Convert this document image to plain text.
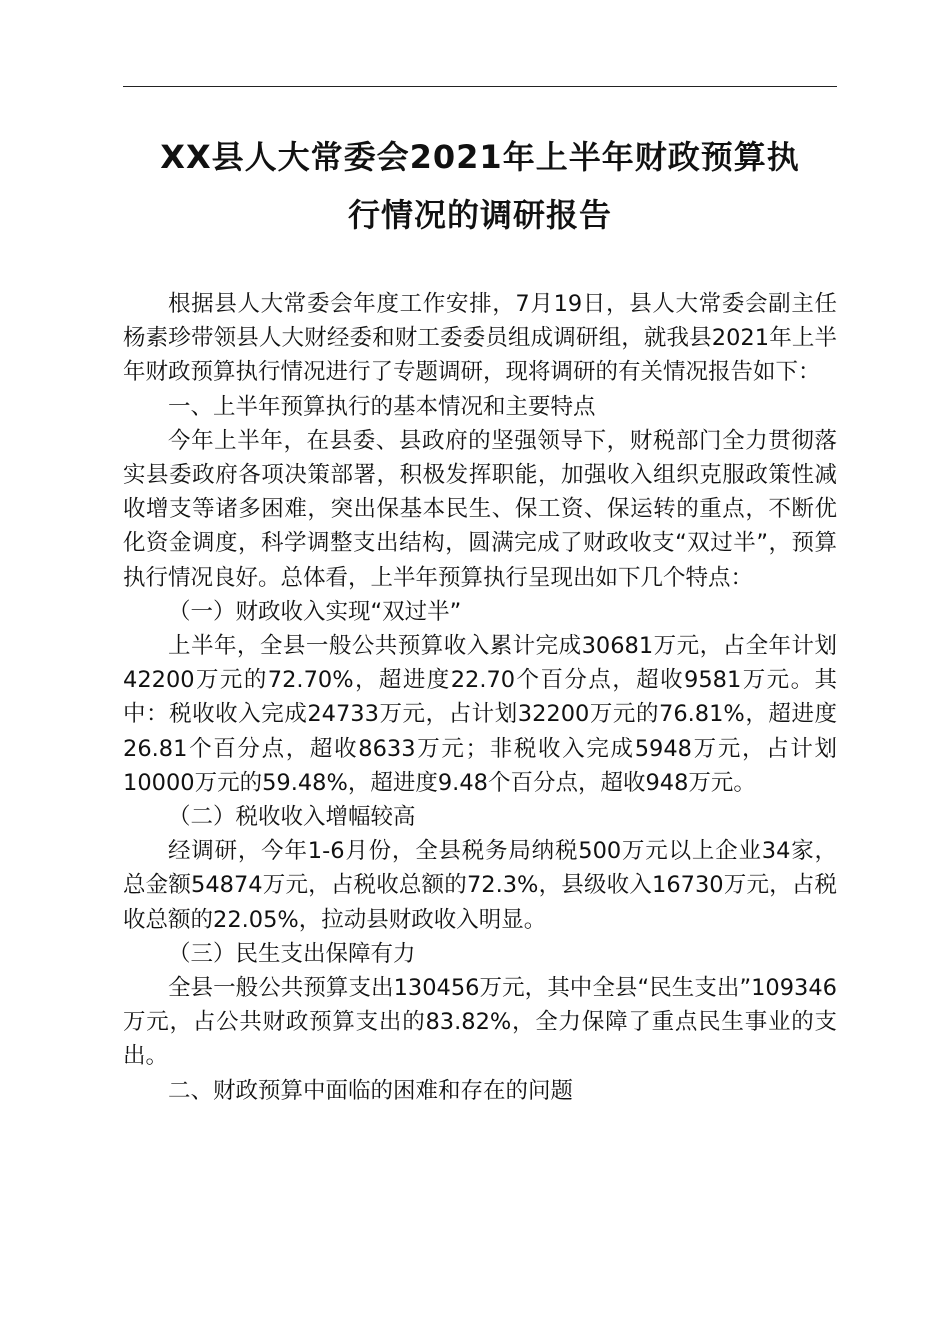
XX县人大常委会2021年上半年财政预算执
行情况的调研报告

根据县人大常委会年度工作安排，7月19日，县人大常委会副主任杨素珍带领县人大财经委和财工委委员组成调研组，就我县2021年上半年财政预算执行情况进行了专题调研，现将调研的有关情况报告如下：

一、上半年预算执行的基本情况和主要特点

今年上半年，在县委、县政府的坚强领导下，财税部门全力贯彻落实县委政府各项决策部署，积极发挥职能，加强收入组织克服政策性减收增支等诸多困难，突出保基本民生、保工资、保运转的重点，不断优化资金调度，科学调整支出结构，圆满完成了财政收支“双过半”，预算执行情况良好。总体看，上半年预算执行呈现出如下几个特点：

（一）财政收入实现“双过半”

上半年，全县一般公共预算收入累计完成30681万元，占全年计划42200万元的72.70%，超进度22.70个百分点，超收9581万元。其中：税收收入完成24733万元，占计划32200万元的76.81%，超进度26.81个百分点，超收8633万元；非税收入完成5948万元，占计划10000万元的59.48%，超进度9.48个百分点，超收948万元。

（二）税收收入增幅较高

经调研，今年1-6月份，全县税务局纳税500万元以上企业34家，总金额54874万元，占税收总额的72.3%，县级收入16730万元，占税收总额的22.05%，拉动县财政收入明显。

（三）民生支出保障有力

全县一般公共预算支出130456万元，其中全县“民生支出”109346万元，占公共财政预算支出的83.82%，全力保障了重点民生事业的支出。

二、财政预算中面临的困难和存在的问题
